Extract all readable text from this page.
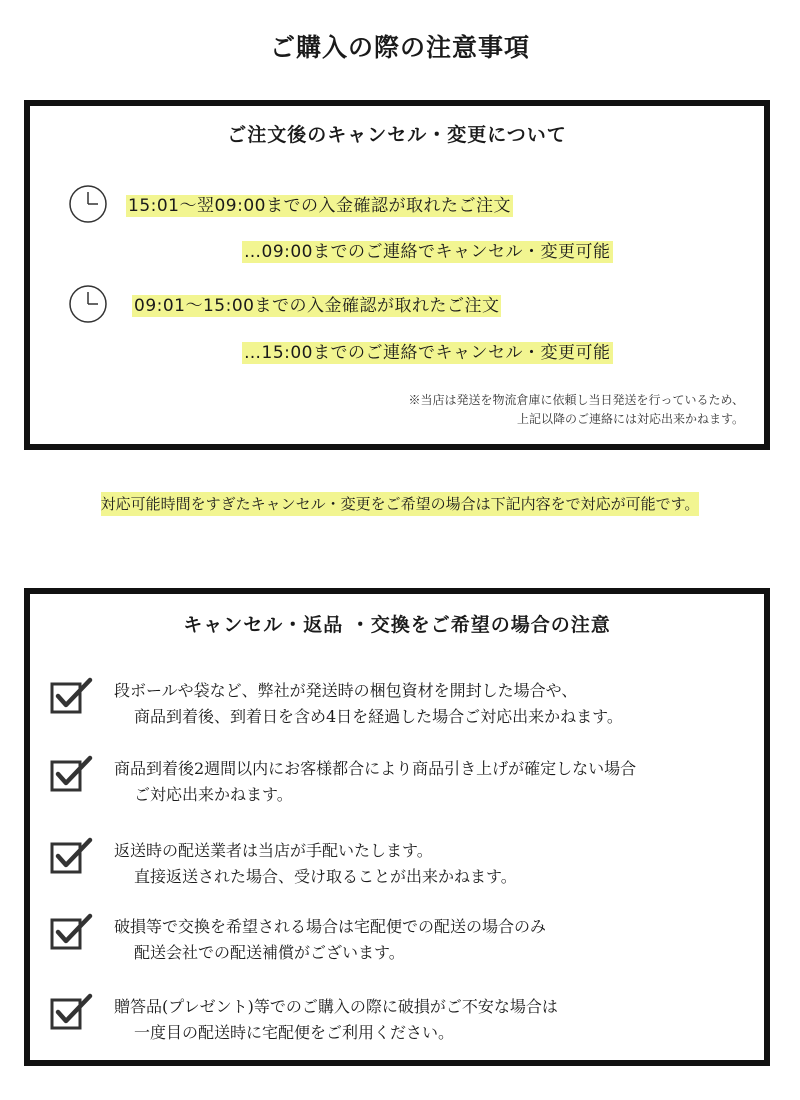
ご購入の際の注意事項
ご注文後のキャンセル・変更について
15:01～翌09:00までの入金確認が取れたご注文
…09:00までのご連絡でキャンセル・変更可能
09:01～15:00までの入金確認が取れたご注文
…15:00までのご連絡でキャンセル・変更可能
※当店は発送を物流倉庫に依頼し当日発送を行っているため、
上記以降のご連絡には対応出来かねます。
対応可能時間をすぎたキャンセル・変更をご希望の場合は下記内容をで対応が可能です。
キャンセル・返品 ・交換をご希望の場合の注意
段ボールや袋など、弊社が発送時の梱包資材を開封した場合や、
商品到着後、到着日を含め4日を経過した場合ご対応出来かねます。
商品到着後2週間以内にお客様都合により商品引き上げが確定しない場合
ご対応出来かねます。
返送時の配送業者は当店が手配いたします。
直接返送された場合、受け取ることが出来かねます。
破損等で交換を希望される場合は宅配便での配送の場合のみ
配送会社での配送補償がございます。
贈答品(プレゼント)等でのご購入の際に破損がご不安な場合は
一度目の配送時に宅配便をご利用ください。
